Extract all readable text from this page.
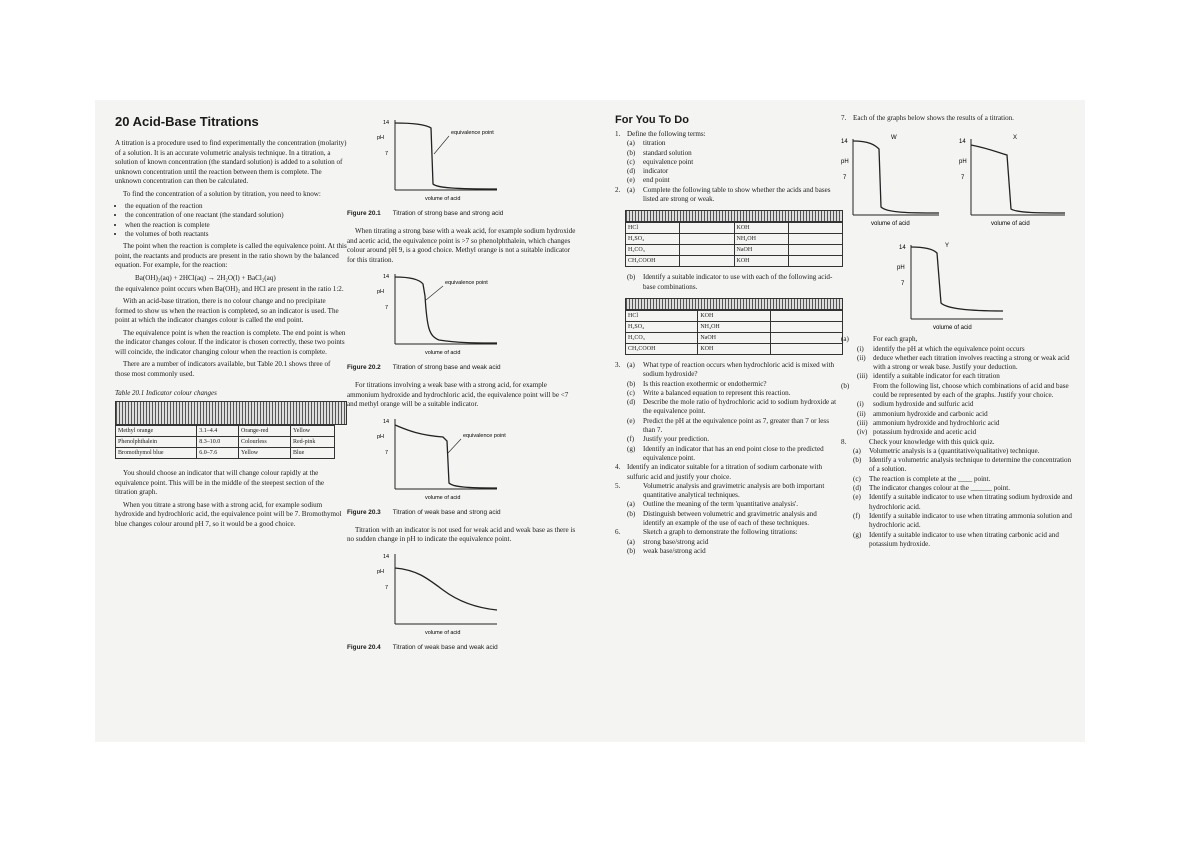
20 Acid-Base Titrations

A titration is a procedure used to find experimentally the concentration (molarity) of a solution. It is an accurate volumetric analysis technique. In a titration, a solution of known concentration (the standard solution) is added to a solution of unknown concentration until the reaction between them is complete. The unknown concentration can then be calculated.

To find the concentration of a solution by titration, you need to know:

• the equation of the reaction
• the concentration of one reactant (the standard solution)
• when the reaction is complete
• the volumes of both reactants

The point when the reaction is complete is called the equivalence point. At this point, the reactants and products are present in the ratio shown by the balanced equation. For example, for the reaction:

Ba(OH)₂(aq) + 2HCl(aq) → 2H₂O(l) + BaCl₂(aq)

the equivalence point occurs when Ba(OH)₂ and HCl are present in the ratio 1:2.

With an acid-base titration, there is no colour change and no precipitate formed to show us when the reaction is completed, so an indicator is used. The point at which the indicator changes colour is called the end point.

The equivalence point is when the reaction is complete. The end point is when the indicator changes colour. If the indicator is chosen correctly, these two points will coincide, the indicator changing colour when the reaction is complete.

There are a number of indicators available, but Table 20.1 shows three of those most commonly used.

Table 20.1 Indicator colour changes
Methyl orange	3.1–4.4	Orange-red	Yellow
Phenolphthalein	8.3–10.0	Colourless	Red-pink
Bromothymol blue	6.0–7.6	Yellow	Blue

You should choose an indicator that will change colour rapidly at the equivalence point. This will be in the middle of the steepest section of the titration graph.

When you titrate a strong base with a strong acid, for example sodium hydroxide and hydrochloric acid, the equivalence point will be 7. Bromothymol blue changes colour around pH 7, so it would be a good choice.

14
7
pH
equivalence point
volume of acid
Figure 20.1 Titration of strong base and strong acid

When titrating a strong base with a weak acid, for example sodium hydroxide and acetic acid, the equivalence point is >7 so phenolphthalein, which changes colour around pH 9, is a good choice. Methyl orange is not a suitable indicator for this titration.

14
7
pH
equivalence point
volume of acid
Figure 20.2 Titration of strong base and weak acid

For titrations involving a weak base with a strong acid, for example ammonium hydroxide and hydrochloric acid, the equivalence point will be <7 and methyl orange will be a suitable indicator.

14
7
pH	equivalence point
volume of acid
Figure 20.3 Titration of weak base and strong acid

Titration with an indicator is not used for weak acid and weak base as there is no sudden change in pH to indicate the equivalence point.

14
7
pH
volume of acid
Figure 20.4 Titration of weak base and weak acid
For You To Do
1. Define the following terms:
(a)	titration
(b)	standard solution
(c)	equivalence point
(d)	indicator
(e)	end point
2. (a)	Complete the following table to show whether the acids and bases listed are strong or weak.
HCl		KOH	
H₂SO₄		NH₄OH	
H₂CO₃		NaOH	
CH₃COOH		KOH	
(b)	Identify a suitable indicator to use with each of the following acid-base combinations.
HCl	KOH	
H₂SO₄	NH₄OH	
H₂CO₃	NaOH	
CH₃COOH	KOH	
3. (a)	What type of reaction occurs when hydrochloric acid is mixed with sodium hydroxide?
(b)	Is this reaction exothermic or endothermic?
(c)	Write a balanced equation to represent this reaction.
(d)	Describe the mole ratio of hydrochloric acid to sodium hydroxide at the equivalence point.
(e)	Predict the pH at the equivalence point as 7, greater than 7 or less than 7.
(f)	Justify your prediction.
(g)	Identify an indicator that has an end point close to the predicted equivalence point.
4. Identify an indicator suitable for a titration of sodium carbonate with sulfuric acid and justify your choice.
5.	Volumetric analysis and gravimetric analysis are both important quantitative analytical techniques.
(a)	Outline the meaning of the term 'quantitative analysis'.
(b)	Distinguish between volumetric and gravimetric analysis and identify an example of the use of each of these techniques.
6.	Sketch a graph to demonstrate the following titrations:
(a)	strong base/strong acid
(b)	weak base/strong acid
7. Each of the graphs below shows the results of a titration.
W
14
7
pH
volume of acid
X
14
7
pH
volume of acid
Y
14
7
pH
volume of acid
(a)	For each graph,
(i)	identify the pH at which the equivalence point occurs
(ii)	deduce whether each titration involves reacting a strong or weak acid with a strong or weak base. Justify your deduction.
(iii) identify a suitable indicator for each titration
(b)	From the following list, choose which combinations of acid and base could be represented by each of the graphs. Justify your choice.
(i)	sodium hydroxide and sulfuric acid
(ii)	ammonium hydroxide and carbonic acid
(iii) ammonium hydroxide and hydrochloric acid
(iv) potassium hydroxide and acetic acid
8.	Check your knowledge with this quick quiz.
(a)	Volumetric analysis is a (quantitative/qualitative) technique.
(b)	Identify a volumetric analysis technique to determine the concentration of a solution.
(c)	The reaction is complete at the ____ point.
(d)	The indicator changes colour at the ______ point.
(e)	Identify a suitable indicator to use when titrating sodium hydroxide and hydrochloric acid.
(f)	Identify a suitable indicator to use when titrating ammonia solution and hydrochloric acid.
(g)	Identify a suitable indicator to use when titrating carbonic acid and potassium hydroxide.
